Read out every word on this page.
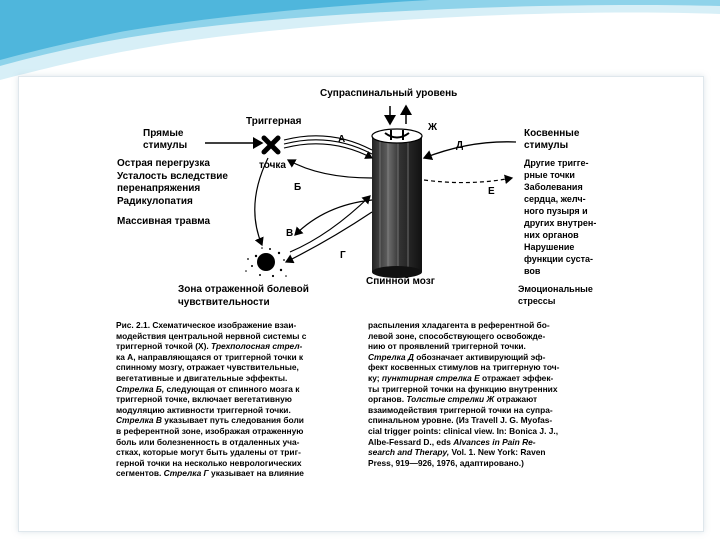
Супраспинальный уровень
Прямые
стимулы
Острая перегрузка
Усталость вследствие
перенапряжения
Радикулопатия
Массивная травма
Триггерная
точка
А
Б
В
Г
Д
Е
Ж
Спинной мозг
Зона отраженной болевой
чувствительности
Косвенные
стимулы
Другие тригге-
рные точки
Заболевания
сердца, желч-
ного пузыря и
других внутрен-
них органов
Нарушение
функции суста-
вов
Эмоциональные
стрессы

Рис. 2.1. Схематическое изображение взаи-

модействия центральной нервной системы с

триггерной точкой (X). Трехполосная стрел-

ка А, направляющаяся от триггерной точки к

спинному мозгу, отражает чувствительные,

вегетативные и двигательные эффекты.

Стрелка Б, следующая от спинного мозга к

триггерной точке, включает вегетативную

модуляцию активности триггерной точки.

Стрелка В указывает путь следования боли

в референтной зоне, изображая отраженную

боль или болезненность в отдаленных уча-

стках, которые могут быть удалены от триг-

герной точки на несколько неврологических

сегментов. Стрелка Г указывает на влияние

распыления хладагента в референтной бо-

левой зоне, способствующего освобожде-

нию от проявлений триггерной точки.

Стрелка Д обозначает активирующий эф-

фект косвенных стимулов на триггерную точ-

ку; пунктирная стрелка Е отражает эффек-

ты триггерной точки на функцию внутренних

органов. Толстые стрелки Ж отражают

взаимодействия триггерной точки на супра-

спинальном уровне. (Из Travell J. G. Myofas-

cial trigger points: clinical view. In: Bonica J. J.,

Albe-Fessard D., eds Alvances in Pain Re-

search and Therapy, Vol. 1. New York: Raven

Press, 919—926, 1976, адаптировано.)
